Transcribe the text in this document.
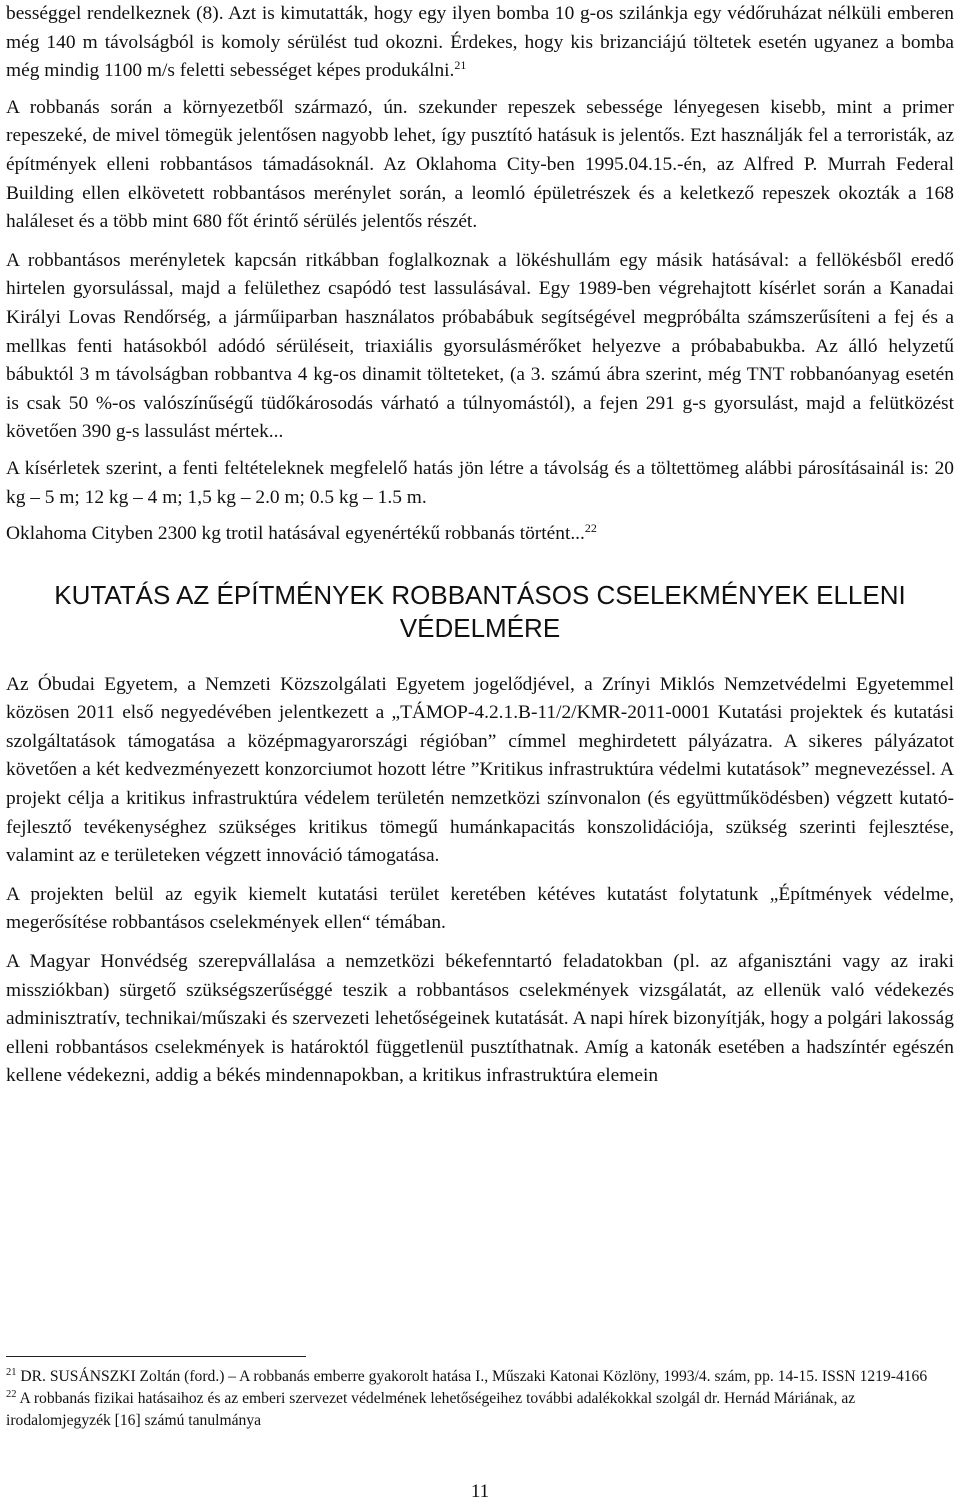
bességgel rendelkeznek (8). Azt is kimutatták, hogy egy ilyen bomba 10 g-os szilánkja egy védőruházat nélküli emberen még 140 m távolságból is komoly sérülést tud okozni. Érdekes, hogy kis brizanciájú töltetek esetén ugyanez a bomba még mindig 1100 m/s feletti sebességet képes produkálni.$^{21}$

A robbanás során a környezetből származó, ún. szekunder repeszek sebessége lényegesen kisebb, mint a primer repeszeké, de mivel tömegük jelentősen nagyobb lehet, így pusztító hatásuk is jelentős. Ezt használják fel a terroristák, az építmények elleni robbantásos támadásoknál. Az Oklahoma City-ben 1995.04.15.-én, az Alfred P. Murrah Federal Building ellen elkövetett robbantásos merénylet során, a leomló épületrészek és a keletkező repeszek okozták a 168 haláleset és a több mint 680 főt érintő sérülés jelentős részét.

A robbantásos merényletek kapcsán ritkábban foglalkoznak a lökéshullám egy másik hatásával: a fellökésből eredő hirtelen gyorsulással, majd a felülethez csapódó test lassulásával. Egy 1989-ben végrehajtott kísérlet során a Kanadai Királyi Lovas Rendőrség, a járműiparban használatos próbabábuk segítségével megpróbálta számszerűsíteni a fej és a mellkas fenti hatásokból adódó sérüléseit, triaxiális gyorsulásmérőket helyezve a próbababukba. Az álló helyzetű bábuktól 3 m távolságban robbantva 4 kg-os dinamit tölteteket, (a 3. számú ábra szerint, még TNT robbanóanyag esetén is csak 50 %-os valószínűségű tüdőkárosodás várható a túlnyomástól), a fejen 291 g-s gyorsulást, majd a felütközést követően 390 g-s lassulást mértek...

A kísérletek szerint, a fenti feltételeknek megfelelő hatás jön létre a távolság és a töltettömeg alábbi párosításainál is: 20 kg – 5 m; 12 kg – 4 m; 1,5 kg – 2.0 m; 0.5 kg – 1.5 m.

Oklahoma Cityben 2300 kg trotil hatásával egyenértékű robbanás történt...$^{22}$

KUTATÁS AZ ÉPÍTMÉNYEK ROBBANTÁSOS CSELEKMÉNYEK ELLENI
VÉDELMÉRE

Az Óbudai Egyetem, a Nemzeti Közszolgálati Egyetem jogelődjével, a Zrínyi Miklós Nemzetvédelmi Egyetemmel közösen 2011 első negyedévében jelentkezett a „TÁMOP-4.2.1.B-11/2/KMR-2011-0001 Kutatási projektek és kutatási szolgáltatások támogatása a középmagyarországi régióban” címmel meghirdetett pályázatra. A sikeres pályázatot követően a két kedvezményezett konzorciumot hozott létre ”Kritikus infrastruktúra védelmi kutatások” megnevezéssel. A projekt célja a kritikus infrastruktúra védelem területén nemzetközi színvonalon (és együttműködésben) végzett kutató-fejlesztő tevékenységhez szükséges kritikus tömegű humánkapacitás konszolidációja, szükség szerinti fejlesztése, valamint az e területeken végzett innováció támogatása.

A projekten belül az egyik kiemelt kutatási terület keretében kétéves kutatást folytatunk „Építmények védelme, megerősítése robbantásos cselekmények ellen“ témában.

A Magyar Honvédség szerepvállalása a nemzetközi békefenntartó feladatokban (pl. az afganisztáni vagy az iraki missziókban) sürgető szükségszerűséggé teszik a robbantásos cselekmények vizsgálatát, az ellenük való védekezés adminisztratív, technikai/műszaki és szervezeti lehetőségeinek kutatását. A napi hírek bizonyítják, hogy a polgári lakosság elleni robbantásos cselekmények is határoktól függetlenül pusztíthatnak. Amíg a katonák esetében a hadszíntér egészén kellene védekezni, addig a békés mindennapokban, a kritikus infrastruktúra elemein

$^{21}$ DR. SUSÁNSZKI Zoltán (ford.) – A robbanás emberre gyakorolt hatása I., Műszaki Katonai Közlöny, 1993/4. szám, pp. 14-15. ISSN 1219-4166
$^{22}$ A robbanás fizikai hatásaihoz és az emberi szervezet védelmének lehetőségeihez további adalékokkal szolgál dr. Hernád Máriának, az irodalomjegyzék [16] számú tanulmánya
11
